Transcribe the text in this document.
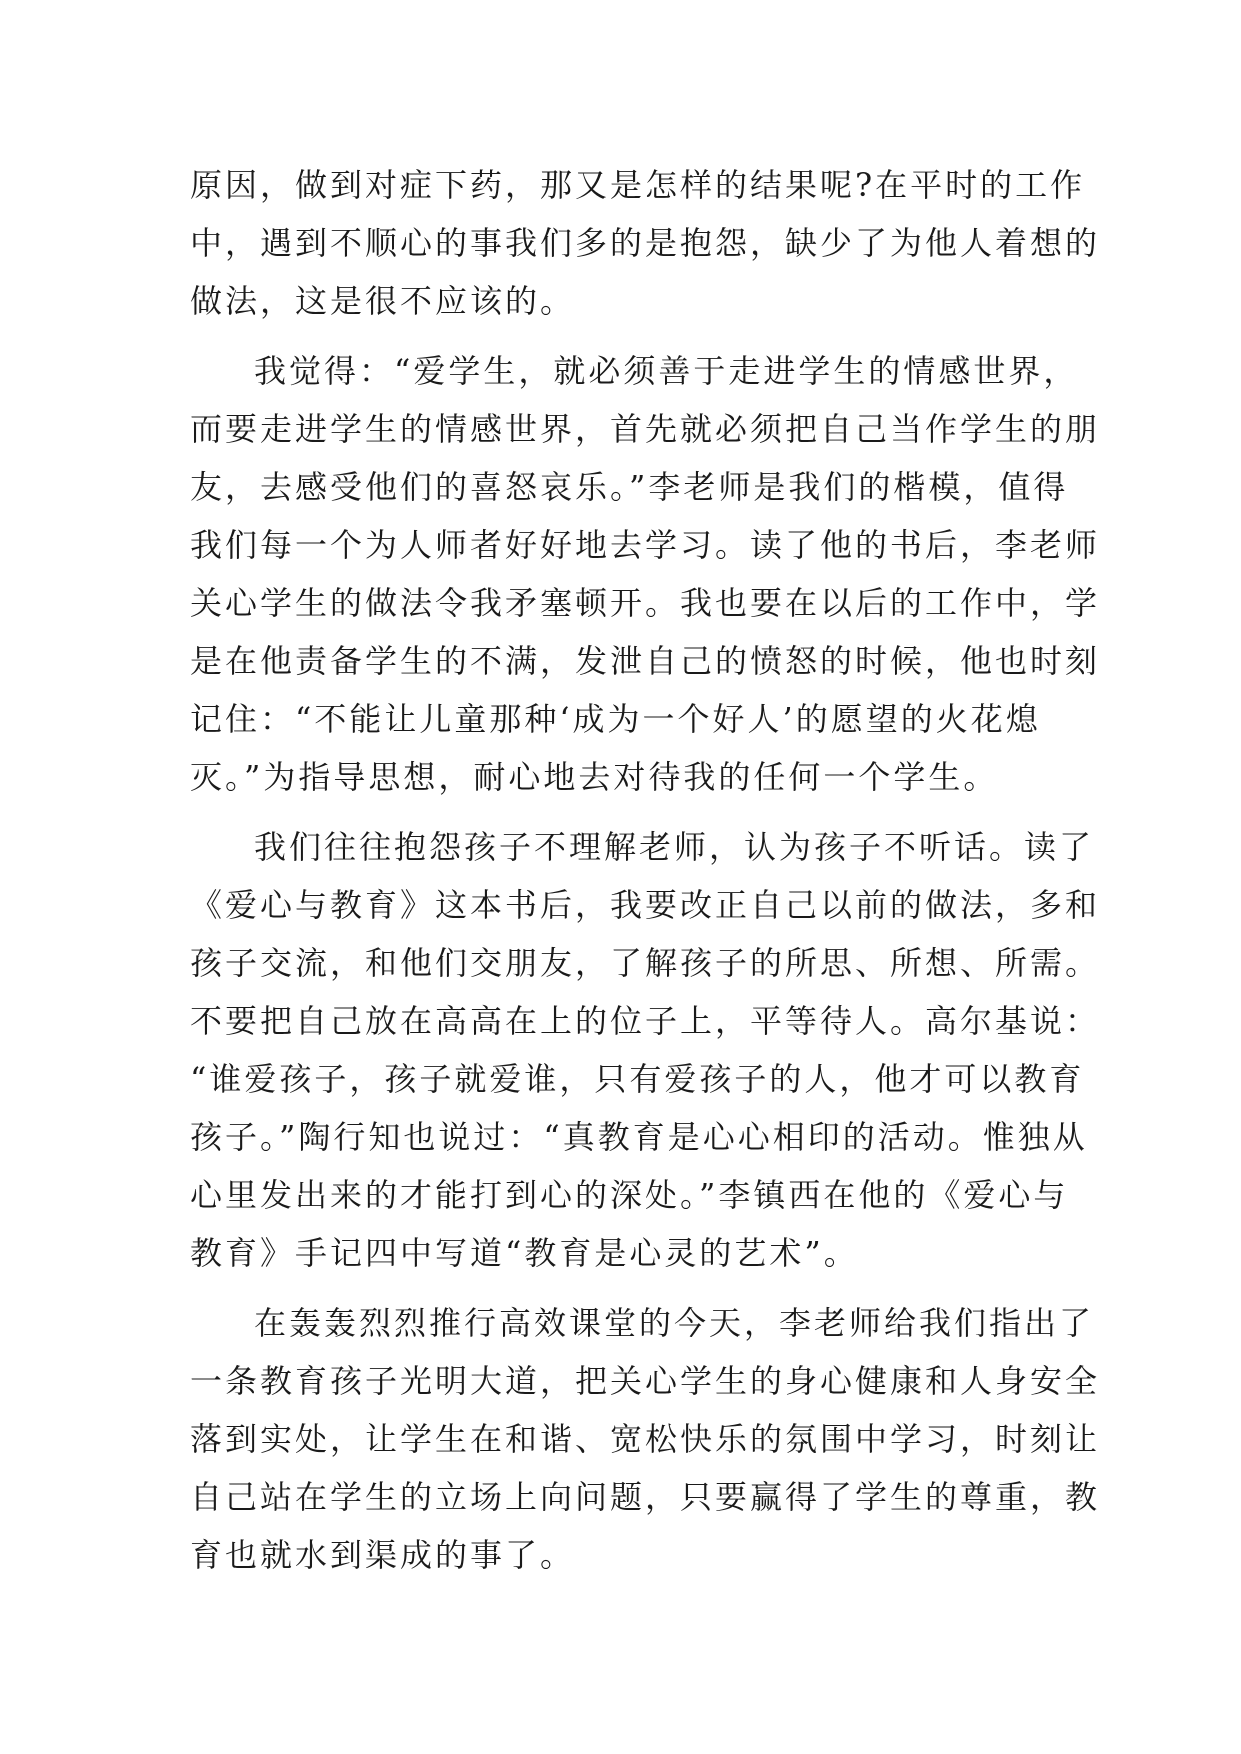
原因，做到对症下药，那又是怎样的结果呢?在平时的工作
中，遇到不顺心的事我们多的是抱怨，缺少了为他人着想的
做法，这是很不应该的。
我觉得：“爱学生，就必须善于走进学生的情感世界，
而要走进学生的情感世界，首先就必须把自己当作学生的朋
友，去感受他们的喜怒哀乐。”李老师是我们的楷模，值得
我们每一个为人师者好好地去学习。读了他的书后，李老师
关心学生的做法令我矛塞顿开。我也要在以后的工作中，学
是在他责备学生的不满，发泄自己的愤怒的时候，他也时刻
记住：“不能让儿童那种‘成为一个好人’的愿望的火花熄
灭。”为指导思想，耐心地去对待我的任何一个学生。
我们往往抱怨孩子不理解老师，认为孩子不听话。读了
《爱心与教育》这本书后，我要改正自己以前的做法，多和
孩子交流，和他们交朋友，了解孩子的所思、所想、所需。
不要把自己放在高高在上的位子上，平等待人。高尔基说：
“谁爱孩子，孩子就爱谁，只有爱孩子的人，他才可以教育
孩子。”陶行知也说过：“真教育是心心相印的活动。惟独从
心里发出来的才能打到心的深处。”李镇西在他的《爱心与
教育》手记四中写道“教育是心灵的艺术”。
在轰轰烈烈推行高效课堂的今天，李老师给我们指出了
一条教育孩子光明大道，把关心学生的身心健康和人身安全
落到实处，让学生在和谐、宽松快乐的氛围中学习，时刻让
自己站在学生的立场上向问题，只要赢得了学生的尊重，教
育也就水到渠成的事了。
